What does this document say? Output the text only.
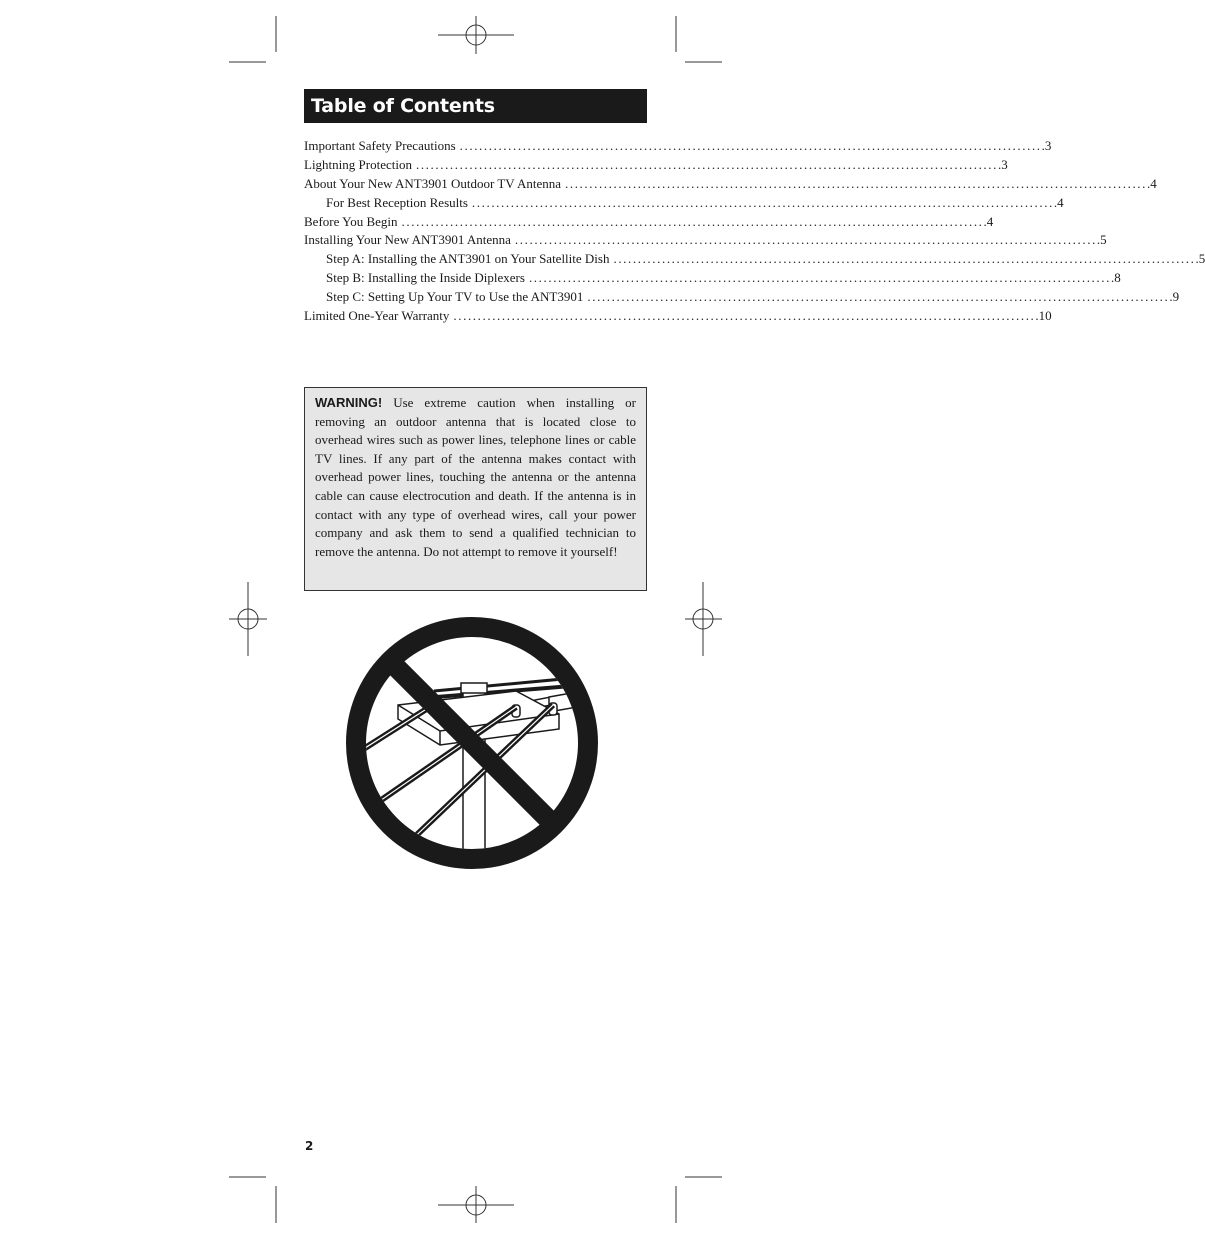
Table of Contents
Important Safety Precautions ........................................................................................................................ .3
Lightning Protection ........................................................................................................................ .3
About Your New ANT3901 Outdoor TV Antenna ........................................................................................................................ .4
For Best Reception Results ........................................................................................................................ .4
Before You Begin ........................................................................................................................ .4
Installing Your New ANT3901 Antenna ........................................................................................................................ .5
Step A: Installing the ANT3901 on Your Satellite Dish ........................................................................................................................ .5
Step B: Installing the Inside Diplexers ........................................................................................................................ .8
Step C: Setting Up Your TV to Use the ANT3901 ........................................................................................................................ .9
Limited One-Year Warranty ........................................................................................................................ .10

WARNING! Use extreme caution when installing or removing an outdoor antenna that is located close to overhead wires such as power lines, telephone lines or cable TV lines. If any part of the antenna makes contact with overhead power lines, touching the antenna or the antenna cable can cause electrocution and death. If the antenna is in contact with any type of overhead wires, call your power company and ask them to send a qualified technician to remove the antenna. Do not attempt to remove it yourself!

2
